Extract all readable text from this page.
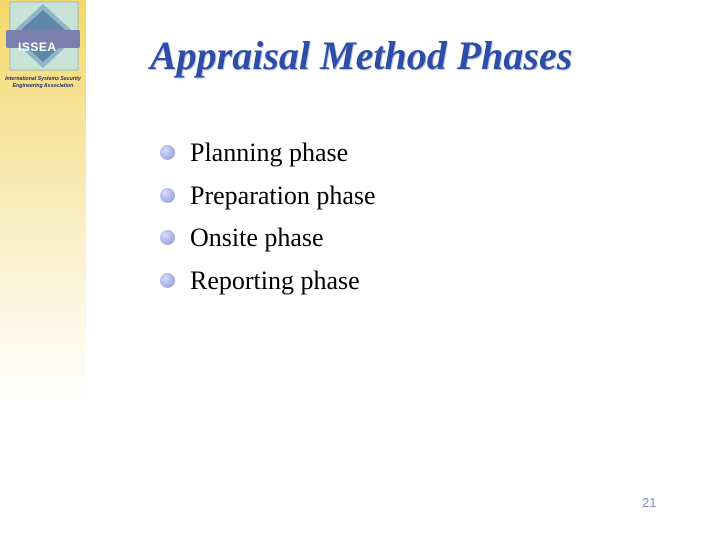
ISSEA
International Systems Security
Engineering Association
Appraisal Method Phases
Planning phase
Preparation phase
Onsite phase
Reporting phase
21
